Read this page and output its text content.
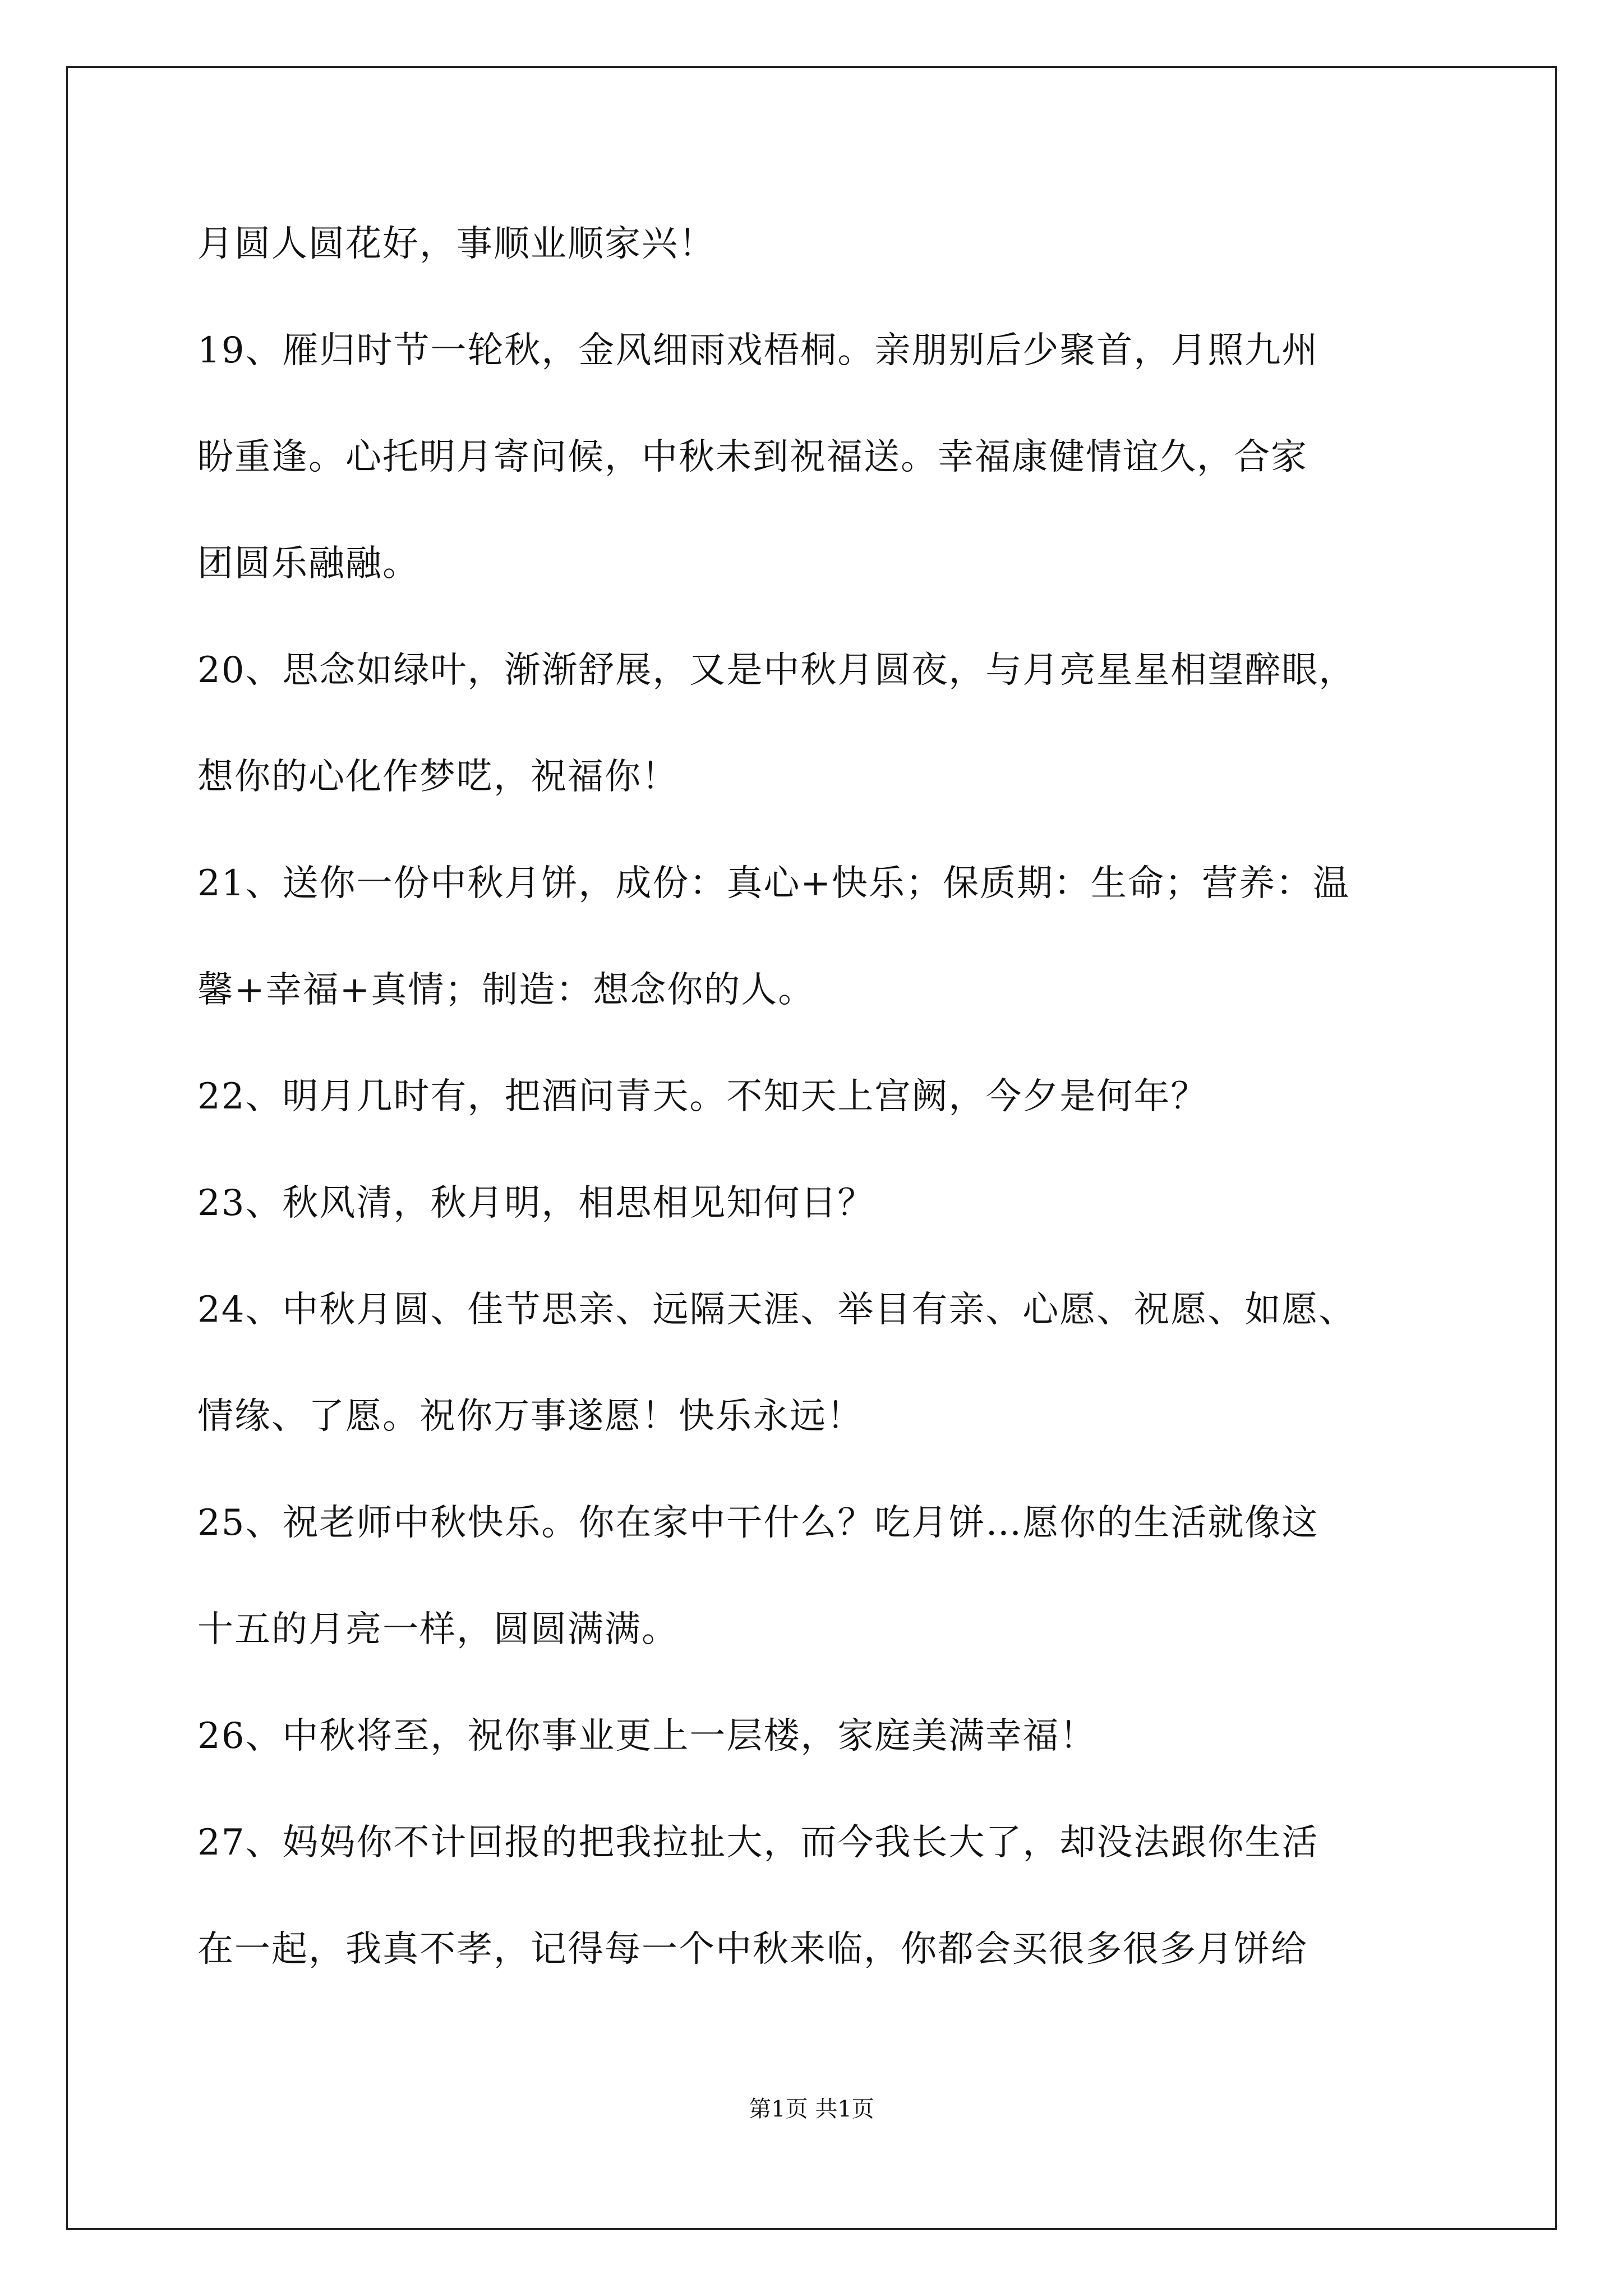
月圆人圆花好，事顺业顺家兴！
19、雁归时节一轮秋，金风细雨戏梧桐。亲朋别后少聚首，月照九州
盼重逢。心托明月寄问候，中秋未到祝福送。幸福康健情谊久，合家
团圆乐融融。
20、思念如绿叶，渐渐舒展，又是中秋月圆夜，与月亮星星相望醉眼，
想你的心化作梦呓，祝福你！
21、送你一份中秋月饼，成份：真心+快乐；保质期：生命；营养：温
馨+幸福+真情；制造：想念你的人。
22、明月几时有，把酒问青天。不知天上宫阙，今夕是何年？
23、秋风清，秋月明，相思相见知何日？
24、中秋月圆、佳节思亲、远隔天涯、举目有亲、心愿、祝愿、如愿、
情缘、了愿。祝你万事遂愿！快乐永远！
25、祝老师中秋快乐。你在家中干什么？吃月饼…愿你的生活就像这
十五的月亮一样，圆圆满满。
26、中秋将至，祝你事业更上一层楼，家庭美满幸福！
27、妈妈你不计回报的把我拉扯大，而今我长大了，却没法跟你生活
在一起，我真不孝，记得每一个中秋来临，你都会买很多很多月饼给
第1页 共1页
